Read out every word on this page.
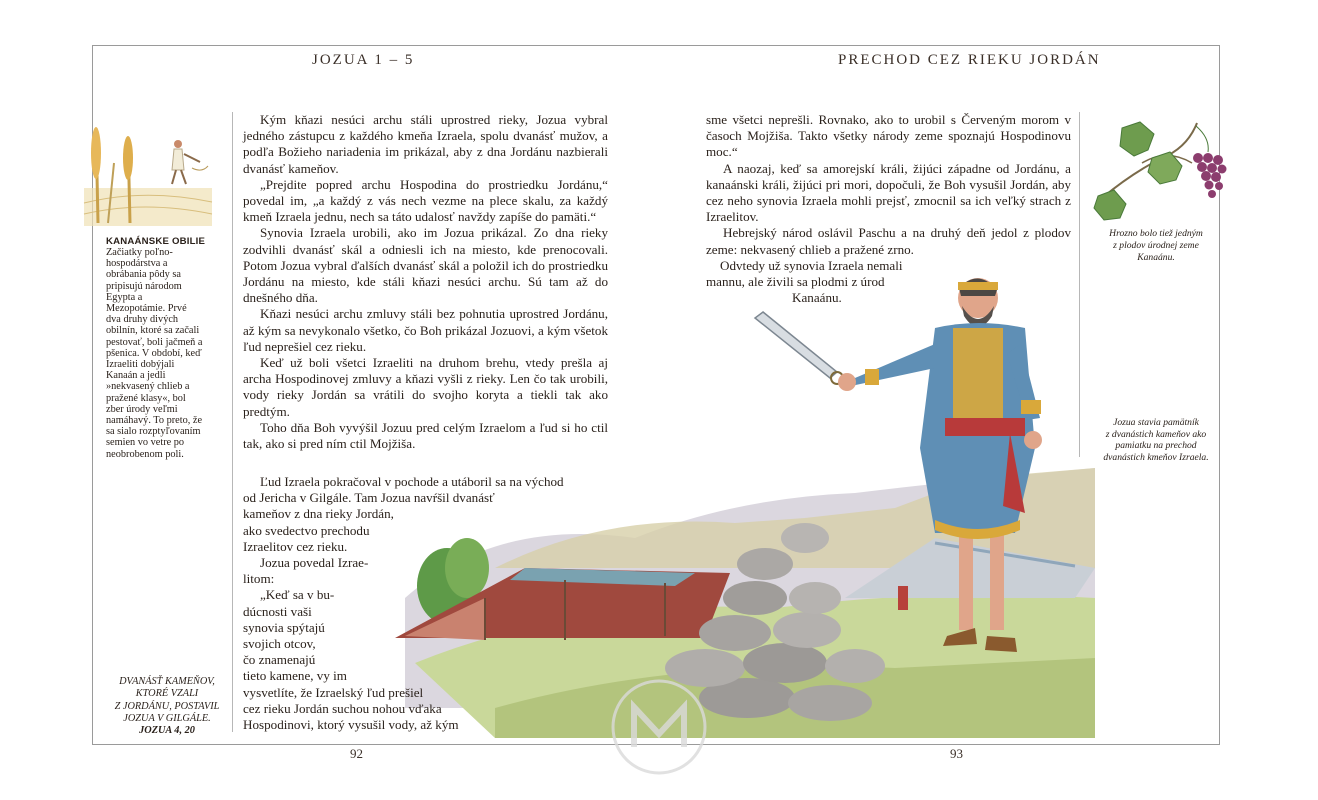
JOZUA 1 – 5	PRECHOD CEZ RIEKU JORDÁN
KANAÁNSKE OBILIE
Začiatky poľno-hospodárstva a obrábania pôdy sa pripisujú národom Egypta a Mezopotámie. Prvé dva druhy divých obilnín, ktoré sa začali pestovať, boli jačmeň a pšenica. V období, keď Izraeliti dobýjali Kanaán a jedli »nekvasený chlieb a pražené klasy«, bol zber úrody veľmi namáhavý. To preto, že sa sialo rozptyľovaním semien vo vetre po neobrobenom poli.
DVANÁSŤ KAMEŇOV,
KTORÉ VZALI
Z JORDÁNU, POSTAVIL
JOZUA V GILGÁLE.
JOZUA 4, 20
Hrozno bolo tiež jedným
z plodov úrodnej zeme
Kanaánu.
Jozua stavia pamätník
z dvanástich kameňov ako
pamiatku na prechod
dvanástich kmeňov Izraela.

Kým kňazi nesúci archu stáli uprostred rieky, Jozua vybral jedného zástupcu z každého kmeňa Izraela, spolu dvanásť mužov, a podľa Božieho nariadenia im prikázal, aby z dna Jordánu nazbierali dvanásť kameňov.

„Prejdite popred archu Hospodina do prostriedku Jordánu,“ povedal im, „a každý z vás nech vezme na plece skalu, za každý kmeň Izraela jednu, nech sa táto udalosť navždy zapíše do pamäti.“

Synovia Izraela urobili, ako im Jozua prikázal. Zo dna rieky zodvihli dvanásť skál a odniesli ich na miesto, kde prenocovali. Potom Jozua vybral ďalších dvanásť skál a položil ich do prostriedku Jordánu na miesto, kde stáli kňazi nesúci archu. Sú tam až do dnešného dňa.

Kňazi nesúci archu zmluvy stáli bez pohnutia uprostred Jordánu, až kým sa nevykonalo všetko, čo Boh prikázal Jozuovi, a kým všetok ľud neprešiel cez rieku.

Keď už boli všetci Izraeliti na druhom brehu, vtedy prešla aj archa Hospodinovej zmluvy a kňazi vyšli z rieky. Len čo tak urobili, vody rieky Jordán sa vrátili do svojho koryta a tiekli tak ako predtým.

Toho dňa Boh vyvýšil Jozuu pred celým Izraelom a ľud si ho ctil tak, ako si pred ním ctil Mojžiša.

Ľud Izraela pokračoval v pochode a utáboril sa na východ
od Jericha v Gilgále. Tam Jozua navŕšil dvanásť
kameňov z dna rieky Jordán,
ako svedectvo prechodu
Izraelitov cez rieku.
Jozua povedal Izrae-
litom:
„Keď sa v bu-
dúcnosti vaši
synovia spýtajú
svojich otcov,
čo znamenajú
tieto kamene, vy im
vysvetlíte, že Izraelský ľud prešiel
cez rieku Jordán suchou nohou vďaka
Hospodinovi, ktorý vysušil vody, až kým

sme všetci neprešli. Rovnako, ako to urobil s Červeným morom v časoch Mojžiša. Takto všetky národy zeme spoznajú Hospodinovu moc.“

A naozaj, keď sa amorejskí králi, žijúci západne od Jordánu, a kanaánski králi, žijúci pri mori, dopočuli, že Boh vysušil Jordán, aby cez neho synovia Izraela mohli prejsť, zmocnil sa ich veľký strach z Izraelitov.

Hebrejský národ oslávil Paschu a na druhý deň jedol z plodov zeme: nekvasený chlieb a pražené zrno.

Odvtedy už synovia Izraela nemali
mannu, ale živili sa plodmi z úrod
Kanaánu.
92	93
